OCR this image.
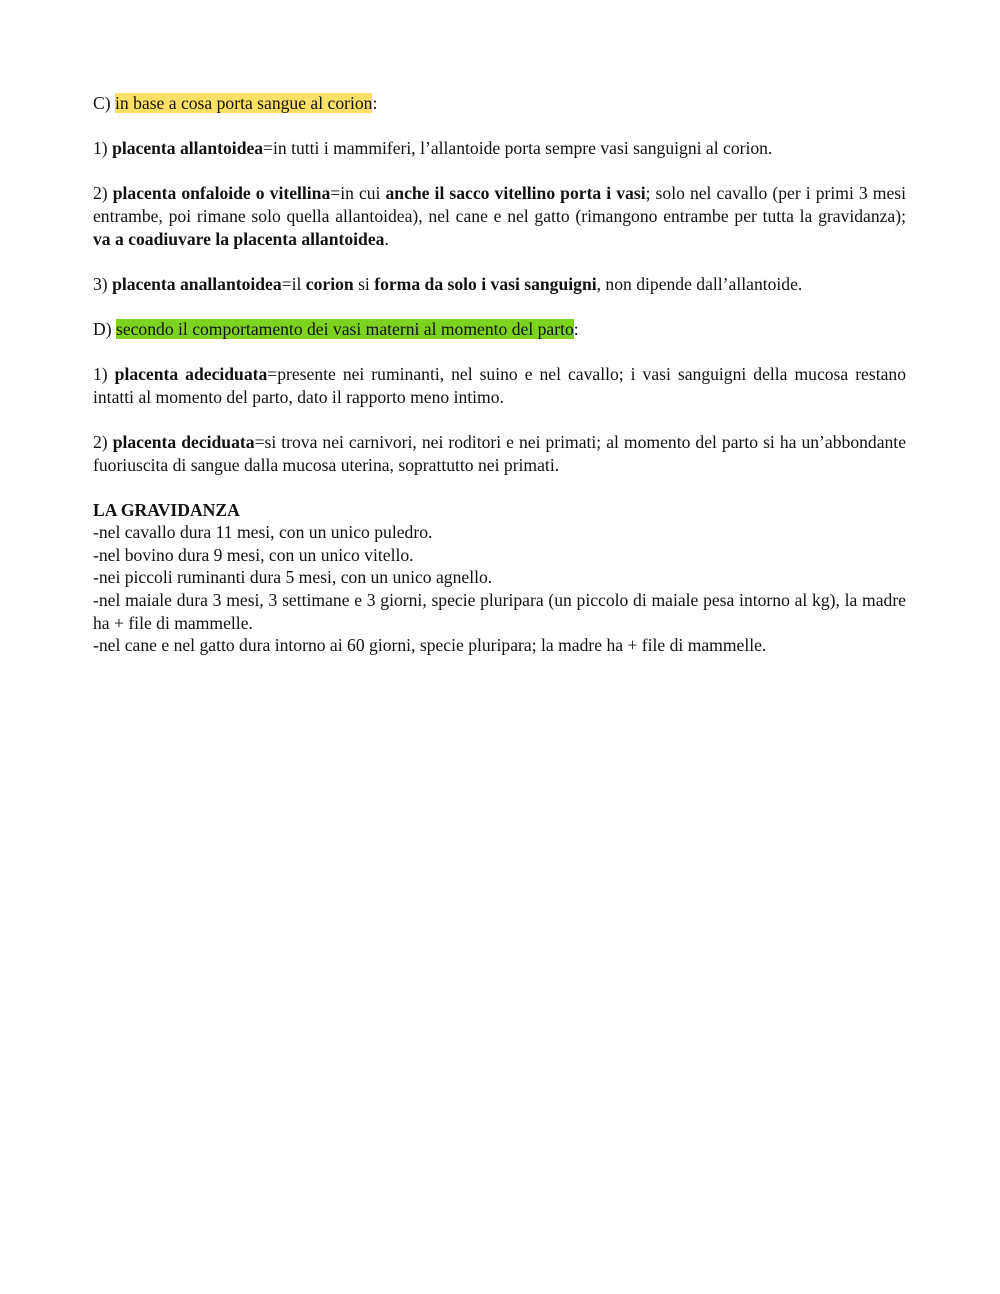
C) in base a cosa porta sangue al corion:

1) placenta allantoidea=in tutti i mammiferi, l’allantoide porta sempre vasi sanguigni al corion.

2) placenta onfaloide o vitellina=in cui anche il sacco vitellino porta i vasi; solo nel cavallo (per i primi 3 mesi entrambe, poi rimane solo quella allantoidea), nel cane e nel gatto (rimangono entrambe per tutta la gravidanza); va a coadiuvare la placenta allantoidea.

3) placenta anallantoidea=il corion si forma da solo i vasi sanguigni, non dipende dall’allantoide.

D) secondo il comportamento dei vasi materni al momento del parto:

1) placenta adeciduata=presente nei ruminanti, nel suino e nel cavallo; i vasi sanguigni della mucosa restano intatti al momento del parto, dato il rapporto meno intimo.

2) placenta deciduata=si trova nei carnivori, nei roditori e nei primati; al momento del parto si ha un’abbondante fuoriuscita di sangue dalla mucosa uterina, soprattutto nei primati.

LA GRAVIDANZA

-nel cavallo dura 11 mesi, con un unico puledro.

-nel bovino dura 9 mesi, con un unico vitello.

-nei piccoli ruminanti dura 5 mesi, con un unico agnello.

-nel maiale dura 3 mesi, 3 settimane e 3 giorni, specie pluripara (un piccolo di maiale pesa intorno al kg), la madre ha + file di mammelle.

-nel cane e nel gatto dura intorno ai 60 giorni, specie pluripara; la madre ha + file di mammelle.
